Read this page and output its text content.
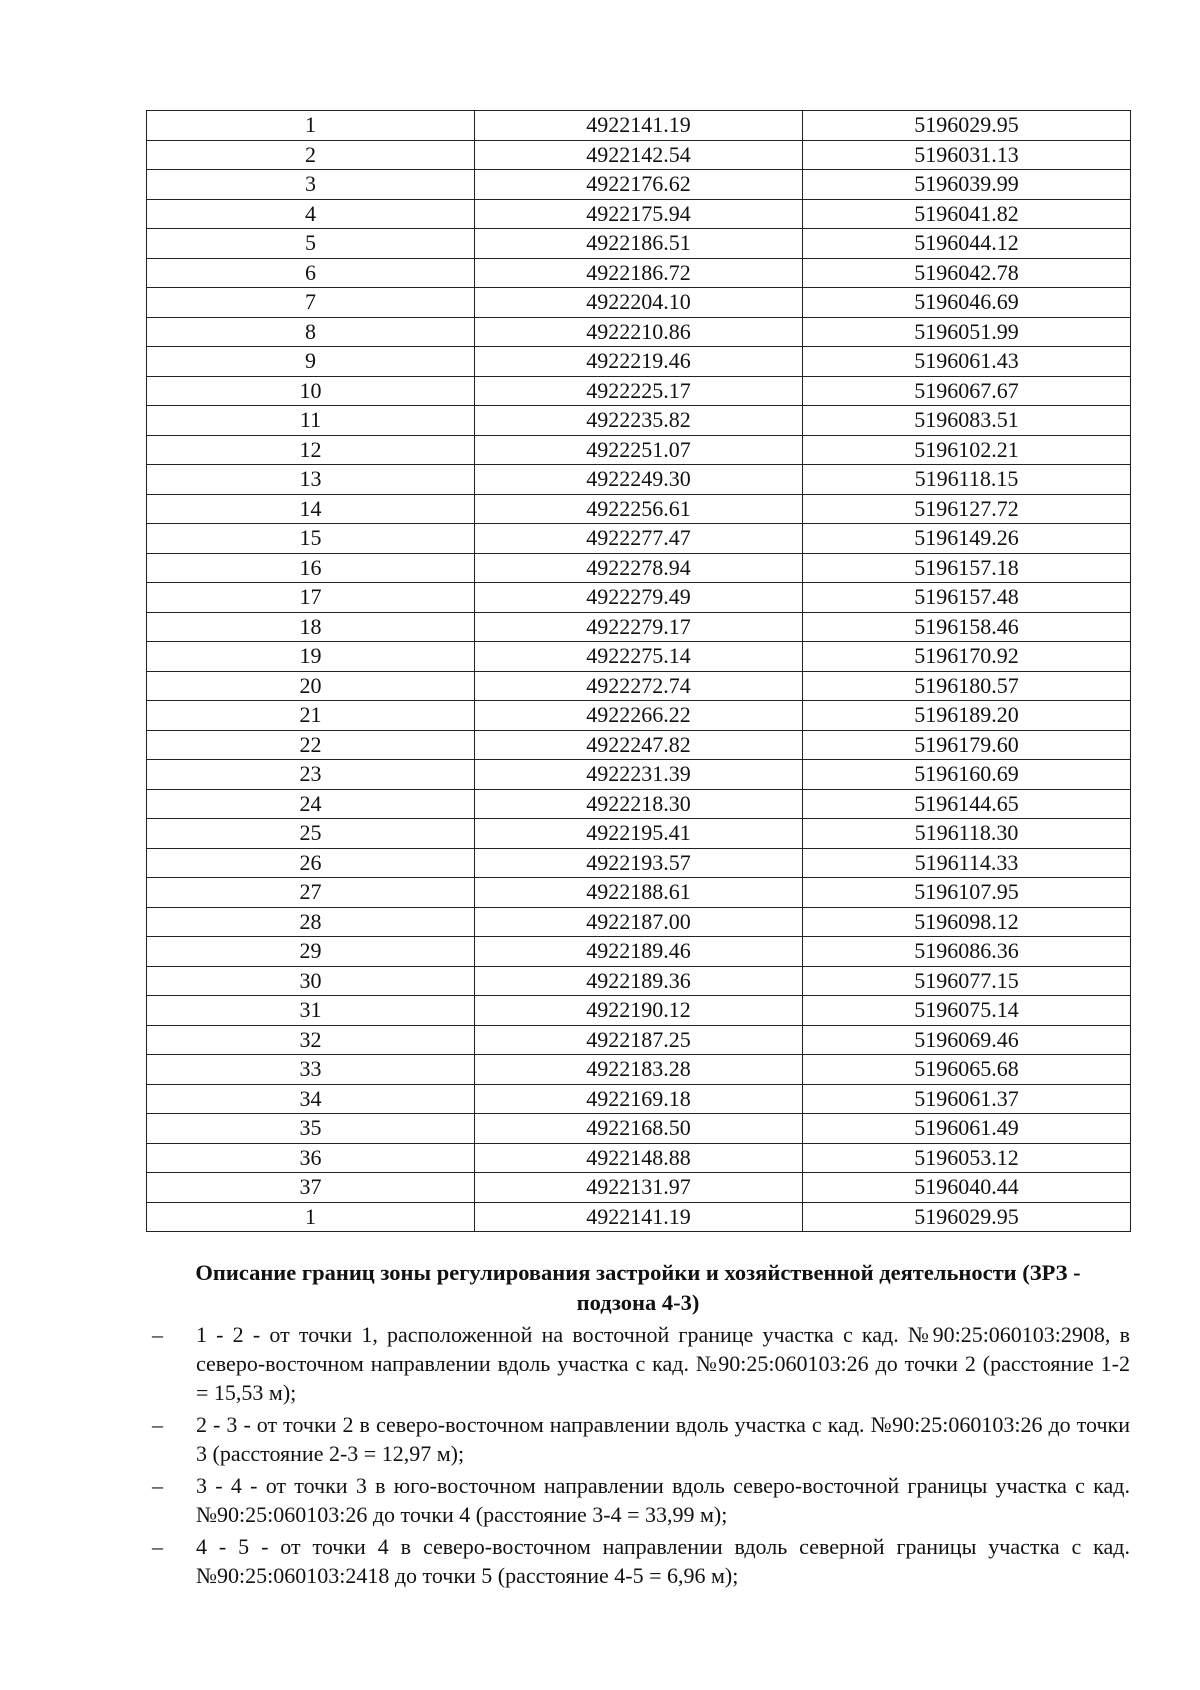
1	4922141.19	5196029.95
2	4922142.54	5196031.13
3	4922176.62	5196039.99
4	4922175.94	5196041.82
5	4922186.51	5196044.12
6	4922186.72	5196042.78
7	4922204.10	5196046.69
8	4922210.86	5196051.99
9	4922219.46	5196061.43
10	4922225.17	5196067.67
11	4922235.82	5196083.51
12	4922251.07	5196102.21
13	4922249.30	5196118.15
14	4922256.61	5196127.72
15	4922277.47	5196149.26
16	4922278.94	5196157.18
17	4922279.49	5196157.48
18	4922279.17	5196158.46
19	4922275.14	5196170.92
20	4922272.74	5196180.57
21	4922266.22	5196189.20
22	4922247.82	5196179.60
23	4922231.39	5196160.69
24	4922218.30	5196144.65
25	4922195.41	5196118.30
26	4922193.57	5196114.33
27	4922188.61	5196107.95
28	4922187.00	5196098.12
29	4922189.46	5196086.36
30	4922189.36	5196077.15
31	4922190.12	5196075.14
32	4922187.25	5196069.46
33	4922183.28	5196065.68
34	4922169.18	5196061.37
35	4922168.50	5196061.49
36	4922148.88	5196053.12
37	4922131.97	5196040.44
1	4922141.19	5196029.95
Описание границ зоны регулирования застройки и хозяйственной деятельности (ЗРЗ -
подзона 4-3)
– 1 - 2 - от точки 1, расположенной на восточной границе участка с кад. №90:25:060103:2908, в северо-восточном направлении вдоль участка с кад. №90:25:060103:26 до точки 2 (расстояние 1-2 = 15,53 м);
– 2 - 3 - от точки 2 в северо-восточном направлении вдоль участка с кад. №90:25:060103:26 до точки 3 (расстояние 2-3 = 12,97 м);
– 3 - 4 - от точки 3 в юго-восточном направлении вдоль северо-восточной границы участка с кад. №90:25:060103:26 до точки 4 (расстояние 3-4 = 33,99 м);
– 4 - 5 - от точки 4 в северо-восточном направлении вдоль северной границы участка с кад. №90:25:060103:2418 до точки 5 (расстояние 4-5 = 6,96 м);
